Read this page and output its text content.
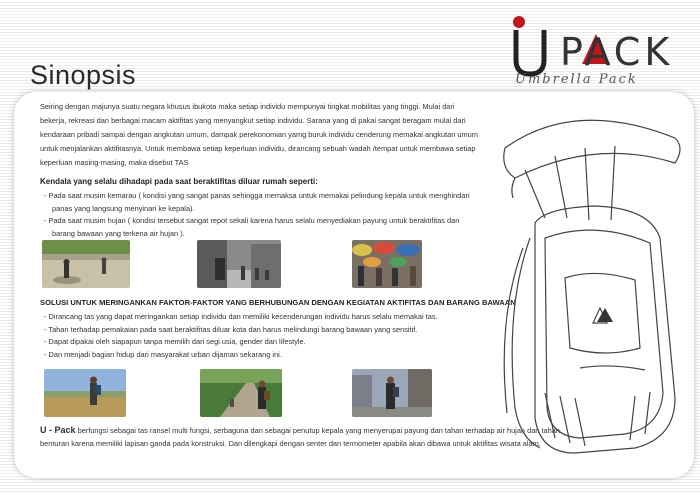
Sinopsis
PACK
Umbrella Pack
Seiring dengan majunya suatu negara khusus ibukota maka setiap individu mempunyai tingkat mobilitas yang tinggi. Mulai dari bekerja, rekreasi dan berbagai macam aktifitas yang menyangkut setiap individu. Sarana yang di pakai sangat beragam mulai dari kendaraan pribadi sampai dengan angkutan umum, dampak perekonomian yamg buruk individu cenderung memakai angkutan umum untuk menjalankan aktifitasnya. Untuk membawa setiap keperluan individu, dirancang sebuah wadah /tempat untuk membawa setiap keperluan masing-masing, maka disebut TAS
Kendala yang selalu dihadapi pada saat beraktifitas diluar rumah seperti:
- Pada saat musim kemarau ( kondisi yang sangat panas sehingga memaksa untuk memakai pelindung kepala untuk menghindari panas yang langsung menyinari ke kepala).
- Pada saat musim hujan ( kondisi tersebut sangat repot sekali karena harus selalu menyediakan payung untuk beraktifitas dan barang bawaan yang terkena air hujan ).
SOLUSI UNTUK MERINGANKAN FAKTOR-FAKTOR YANG BERHUBUNGAN DENGAN KEGIATAN AKTIFITAS DAN BARANG BAWAAN
- Dirancang tas yang dapat meringankan setiap individu dan memiliki kecenderungan individu harus selalu memakai tas.
- Tahan terhadap pemakaian pada saat beraktifitas diluar kota dan harus melindungi barang bawaan yang sensitif.
- Dapat dipakai oleh siapapun tanpa memilih dari segi usia, gender dan lifestyle.
- Dan menjadi bagian hidup dari masyarakat urban dijaman sekarang ini.
U - Pack berfungsi sebagai tas ransel multi fungsi, serbaguna dan sebagai penutup kepala yang menyerupai payung dan tahan terhadap air hujan dan tahan benturan karena memiliki lapisan ganda pada konstruksi. Dan dilengkapi dengan senter dan termometer apabila akan dibawa untuk aktifitas wisata alam.
